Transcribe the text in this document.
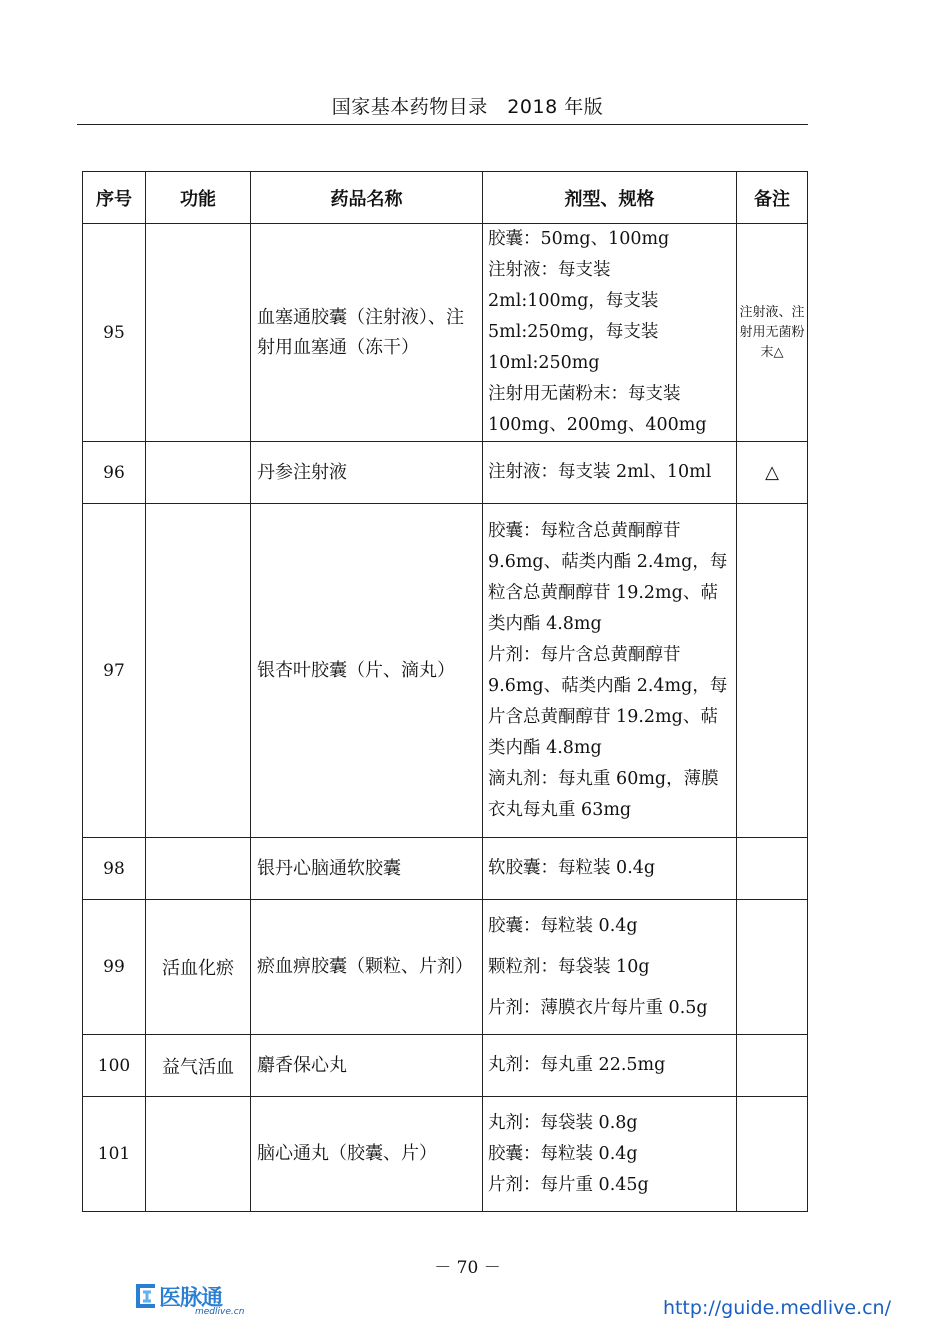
国家基本药物目录　2018 年版
序号	功能	药品名称	剂型、规格	备注
95		血塞通胶囊（注射液）、注射用血塞通（冻干）	胶囊：50mg、100mg
注射液：每支装 2ml:100mg，每支装 5ml:250mg，每支装 10ml:250mg
注射用无菌粉末：每支装 100mg、200mg、400mg	注射液、注射用无菌粉末△
96		丹参注射液	注射液：每支装 2ml、10ml	△
97		银杏叶胶囊（片、滴丸）	胶囊：每粒含总黄酮醇苷 9.6mg、萜类内酯 2.4mg，每粒含总黄酮醇苷 19.2mg、萜类内酯 4.8mg
片剂：每片含总黄酮醇苷 9.6mg、萜类内酯 2.4mg，每片含总黄酮醇苷 19.2mg、萜类内酯 4.8mg
滴丸剂：每丸重 60mg，薄膜衣丸每丸重 63mg	

98		银丹心脑通软胶囊	软胶囊：每粒装 0.4g	

99	活血化瘀	瘀血痹胶囊（颗粒、片剂）	胶囊：每粒装 0.4g
颗粒剂：每袋装 10g
片剂：薄膜衣片每片重 0.5g	

100	益气活血	麝香保心丸	丸剂：每丸重 22.5mg	

101		脑心通丸（胶囊、片）	丸剂：每袋装 0.8g
胶囊：每粒装 0.4g
片剂：每片重 0.45g	

－ 70 －
医脉通
medlive.cn	http://guide.medlive.cn/
